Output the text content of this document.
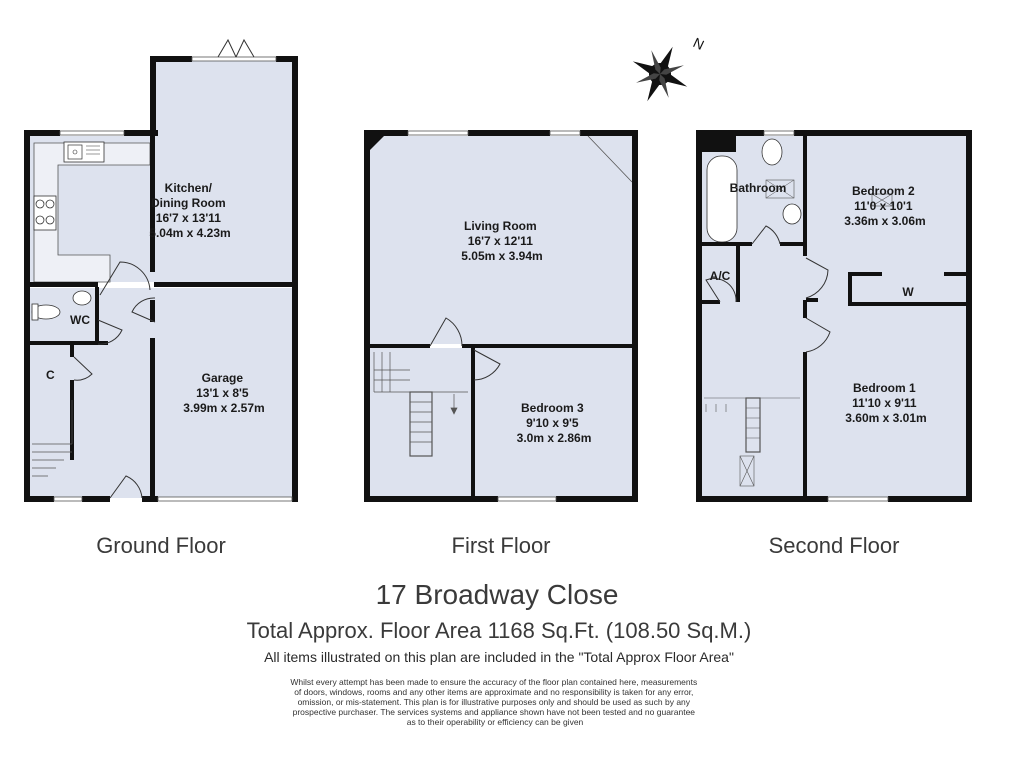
Kitchen/ Dining Room 16'7 x 13'11 5.04m x 4.23m
Garage 13'1 x 8'5 3.99m x 2.57m
WC
C
Ground Floor
Living Room 16'7 x 12'11 5.05m x 3.94m
Bedroom 3 9'10 x 9'5 3.0m x 2.86m
First Floor
Bathroom	Bedroom 2 11'0 x 10'1 3.36m x 3.06m
A/C
W
Bedroom 1 11'10 x 9'11 3.60m x 3.01m
Second Floor
N
17 Broadway Close
Total Approx. Floor Area 1168 Sq.Ft. (108.50 Sq.M.)
All items illustrated on this plan are included in the "Total Approx Floor Area"
Whilst every attempt has been made to ensure the accuracy of the floor plan contained here, measurements of doors, windows, rooms and any other items are approximate and no responsibility is taken for any error, omission, or mis-statement. This plan is for illustrative purposes only and should be used as such by any prospective purchaser. The services systems and appliance shown have not been tested and no guarantee as to their operability or efficiency can be given
